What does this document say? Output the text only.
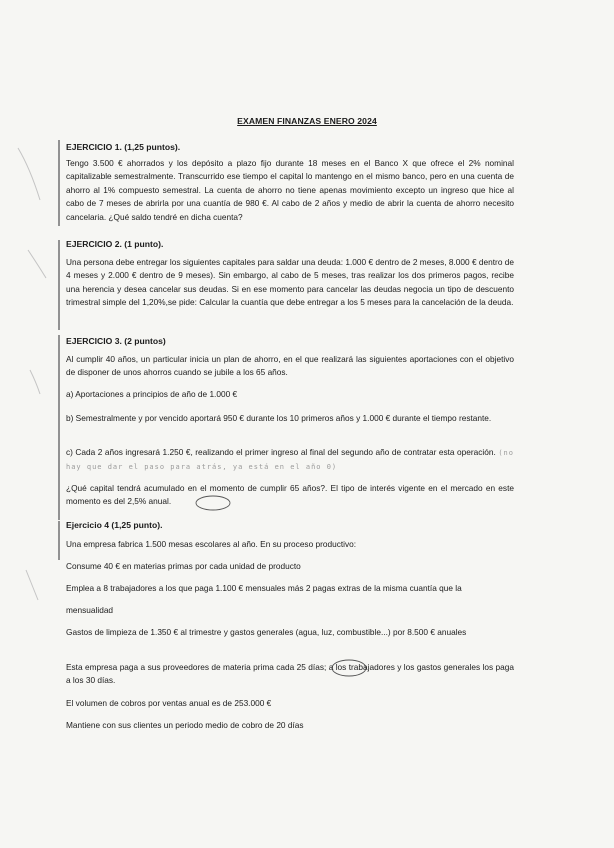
EXAMEN FINANZAS ENERO 2024
EJERCICIO 1. (1,25 puntos).
Tengo 3.500 € ahorrados y los depósito a plazo fijo durante 18 meses en el Banco X que ofrece el 2% nominal capitalizable semestralmente. Transcurrido ese tiempo el capital lo mantengo en el mismo banco, pero en una cuenta de ahorro al 1% compuesto semestral. La cuenta de ahorro no tiene apenas movimiento excepto un ingreso que hice al cabo de 7 meses de abrirla por una cuantía de 980 €. Al cabo de 2 años y medio de abrir la cuenta de ahorro necesito cancelaria. ¿Qué saldo tendré en dicha cuenta?
EJERCICIO 2. (1 punto).
Una persona debe entregar los siguientes capitales para saldar una deuda: 1.000 € dentro de 2 meses, 8.000 € dentro de 4 meses y 2.000 € dentro de 9 meses). Sin embargo, al cabo de 5 meses, tras realizar los dos primeros pagos, recibe una herencia y desea cancelar sus deudas. Si en ese momento para cancelar las deudas negocia un tipo de descuento trimestral simple del 1,20%,se pide: Calcular la cuantía que debe entregar a los 5 meses para la cancelación de la deuda.
EJERCICIO 3. (2 puntos)
Al cumplir 40 años, un particular inicia un plan de ahorro, en el que realizará las siguientes aportaciones con el objetivo de disponer de unos ahorros cuando se jubile a los 65 años.
a) Aportaciones a principios de año de 1.000 €
b) Semestralmente y por vencido aportará 950 € durante los 10 primeros años y 1.000 € durante el tiempo restante.
c) Cada 2 años ingresará 1.250 €, realizando el primer ingreso al final del segundo año de contratar esta operación. (no hay que dar el paso para atrás, ya está en el año 0)
¿Qué capital tendrá acumulado en el momento de cumplir 65 años?. El tipo de interés vigente en el mercado en este momento es del 2,5% anual.
Ejercicio 4 (1,25 punto).
Una empresa fabrica 1.500 mesas escolares al año. En su proceso productivo:
Consume 40 € en materias primas por cada unidad de producto
Emplea a 8 trabajadores a los que paga 1.100 € mensuales más 2 pagas extras de la misma cuantía que la
mensualidad
Gastos de limpieza de 1.350 € al trimestre y gastos generales (agua, luz, combustible...) por 8.500 € anuales
Esta empresa paga a sus proveedores de materia prima cada 25 días; a los trabajadores y los gastos generales los paga a los 30 días.
El volumen de cobros por ventas anual es de 253.000 €
Mantiene con sus clientes un periodo medio de cobro de 20 días
